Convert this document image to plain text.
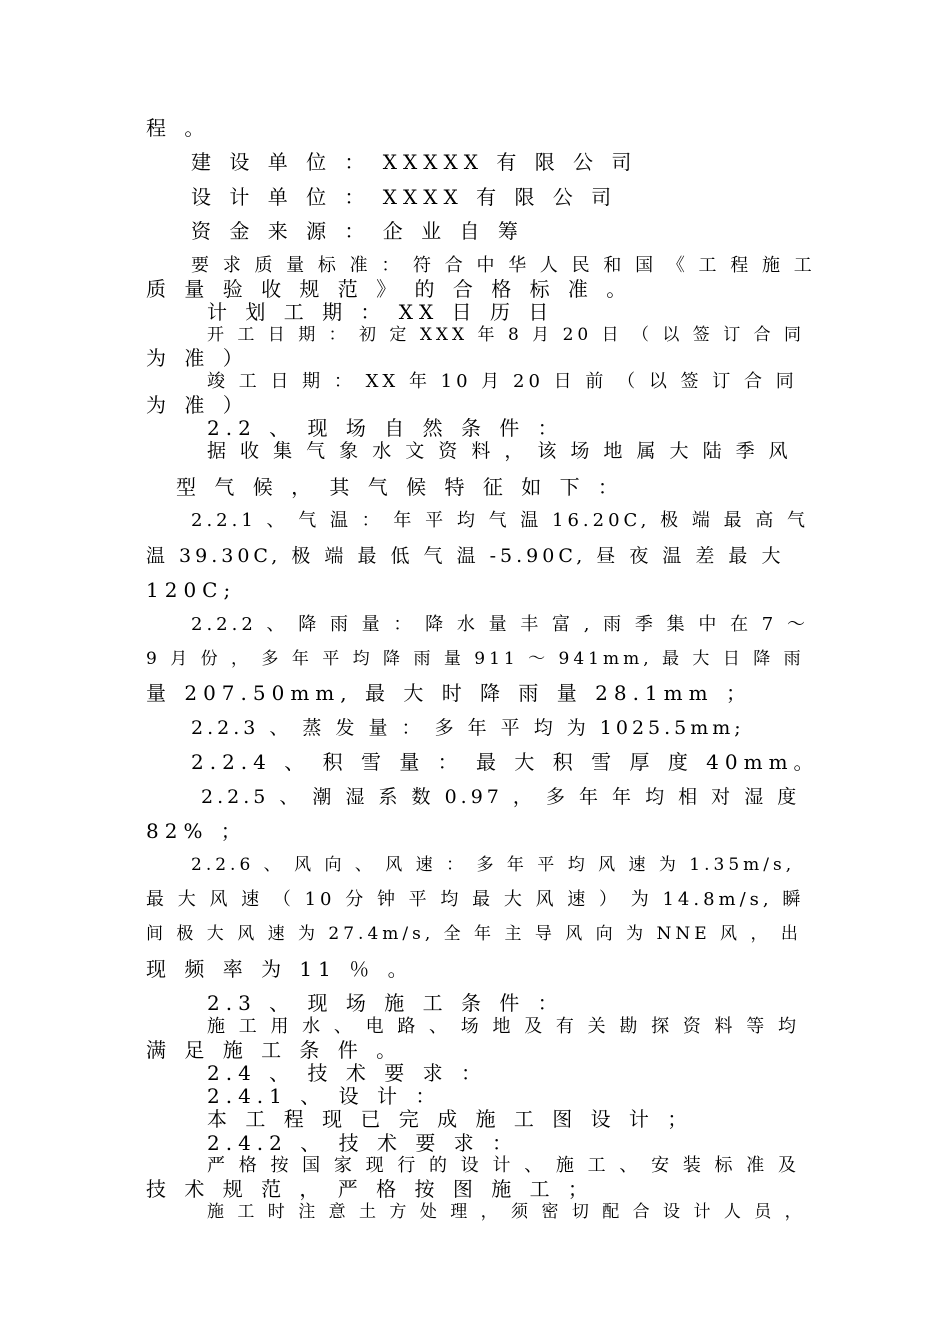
程 。
建 设 单 位 ： XXXXX 有 限 公 司
设 计 单 位 ： XXXX 有 限 公 司
资 金 来 源 ： 企 业 自 筹
要 求 质 量 标 准 ： 符 合 中 华 人 民 和 国 《 工 程 施 工
质 量 验 收 规 范 》 的 合 格 标 准 。
计 划 工 期 ： XX 日 历 日
开 工 日 期 ： 初 定 XXX 年 8 月 20 日 （ 以 签 订 合 同
为 准 ）
竣 工 日 期 ： XX 年 10 月 20 日 前 （ 以 签 订 合 同
为 准 ）
2.2 、 现 场 自 然 条 件 ：
据 收 集 气 象 水 文 资 料 ， 该 场 地 属 大 陆 季 风
型 气 候 ， 其 气 候 特 征 如 下 ：
2.2.1 、 气 温 ： 年 平 均 气 温 16.20C, 极 端 最 高 气
温 39.30C, 极 端 最 低 气 温 -5.90C, 昼 夜 温 差 最 大
120C;
2.2.2 、 降 雨 量 ： 降 水 量 丰 富 , 雨 季 集 中 在 7 ～
9 月 份 ， 多 年 平 均 降 雨 量 911 ～ 941mm, 最 大 日 降 雨
量 207.50mm, 最 大 时 降 雨 量 28.1mm ；
2.2.3 、 蒸 发 量 ： 多 年 平 均 为 1025.5mm;
2.2.4 、 积 雪 量 ： 最 大 积 雪 厚 度 40mm。
2.2.5 、 潮 湿 系 数 0.97 ， 多 年 年 均 相 对 湿 度
82% ；
2.2.6 、 风 向 、 风 速 ： 多 年 平 均 风 速 为 1.35m/s,
最 大 风 速 （ 10 分 钟 平 均 最 大 风 速 ） 为 14.8m/s, 瞬
间 极 大 风 速 为 27.4m/s, 全 年 主 导 风 向 为 NNE 风 ， 出
现 频 率 为 11 ％ 。
2.3 、 现 场 施 工 条 件 ：
施 工 用 水 、 电 路 、 场 地 及 有 关 勘 探 资 料 等 均
满 足 施 工 条 件 。
2.4 、 技 术 要 求 ：
2.4.1 、 设 计 ：
本 工 程 现 已 完 成 施 工 图 设 计 ；
2.4.2 、 技 术 要 求 ：
严 格 按 国 家 现 行 的 设 计 、 施 工 、 安 装 标 准 及
技 术 规 范 ， 严 格 按 图 施 工 ；
施 工 时 注 意 土 方 处 理 ， 须 密 切 配 合 设 计 人 员 ，
